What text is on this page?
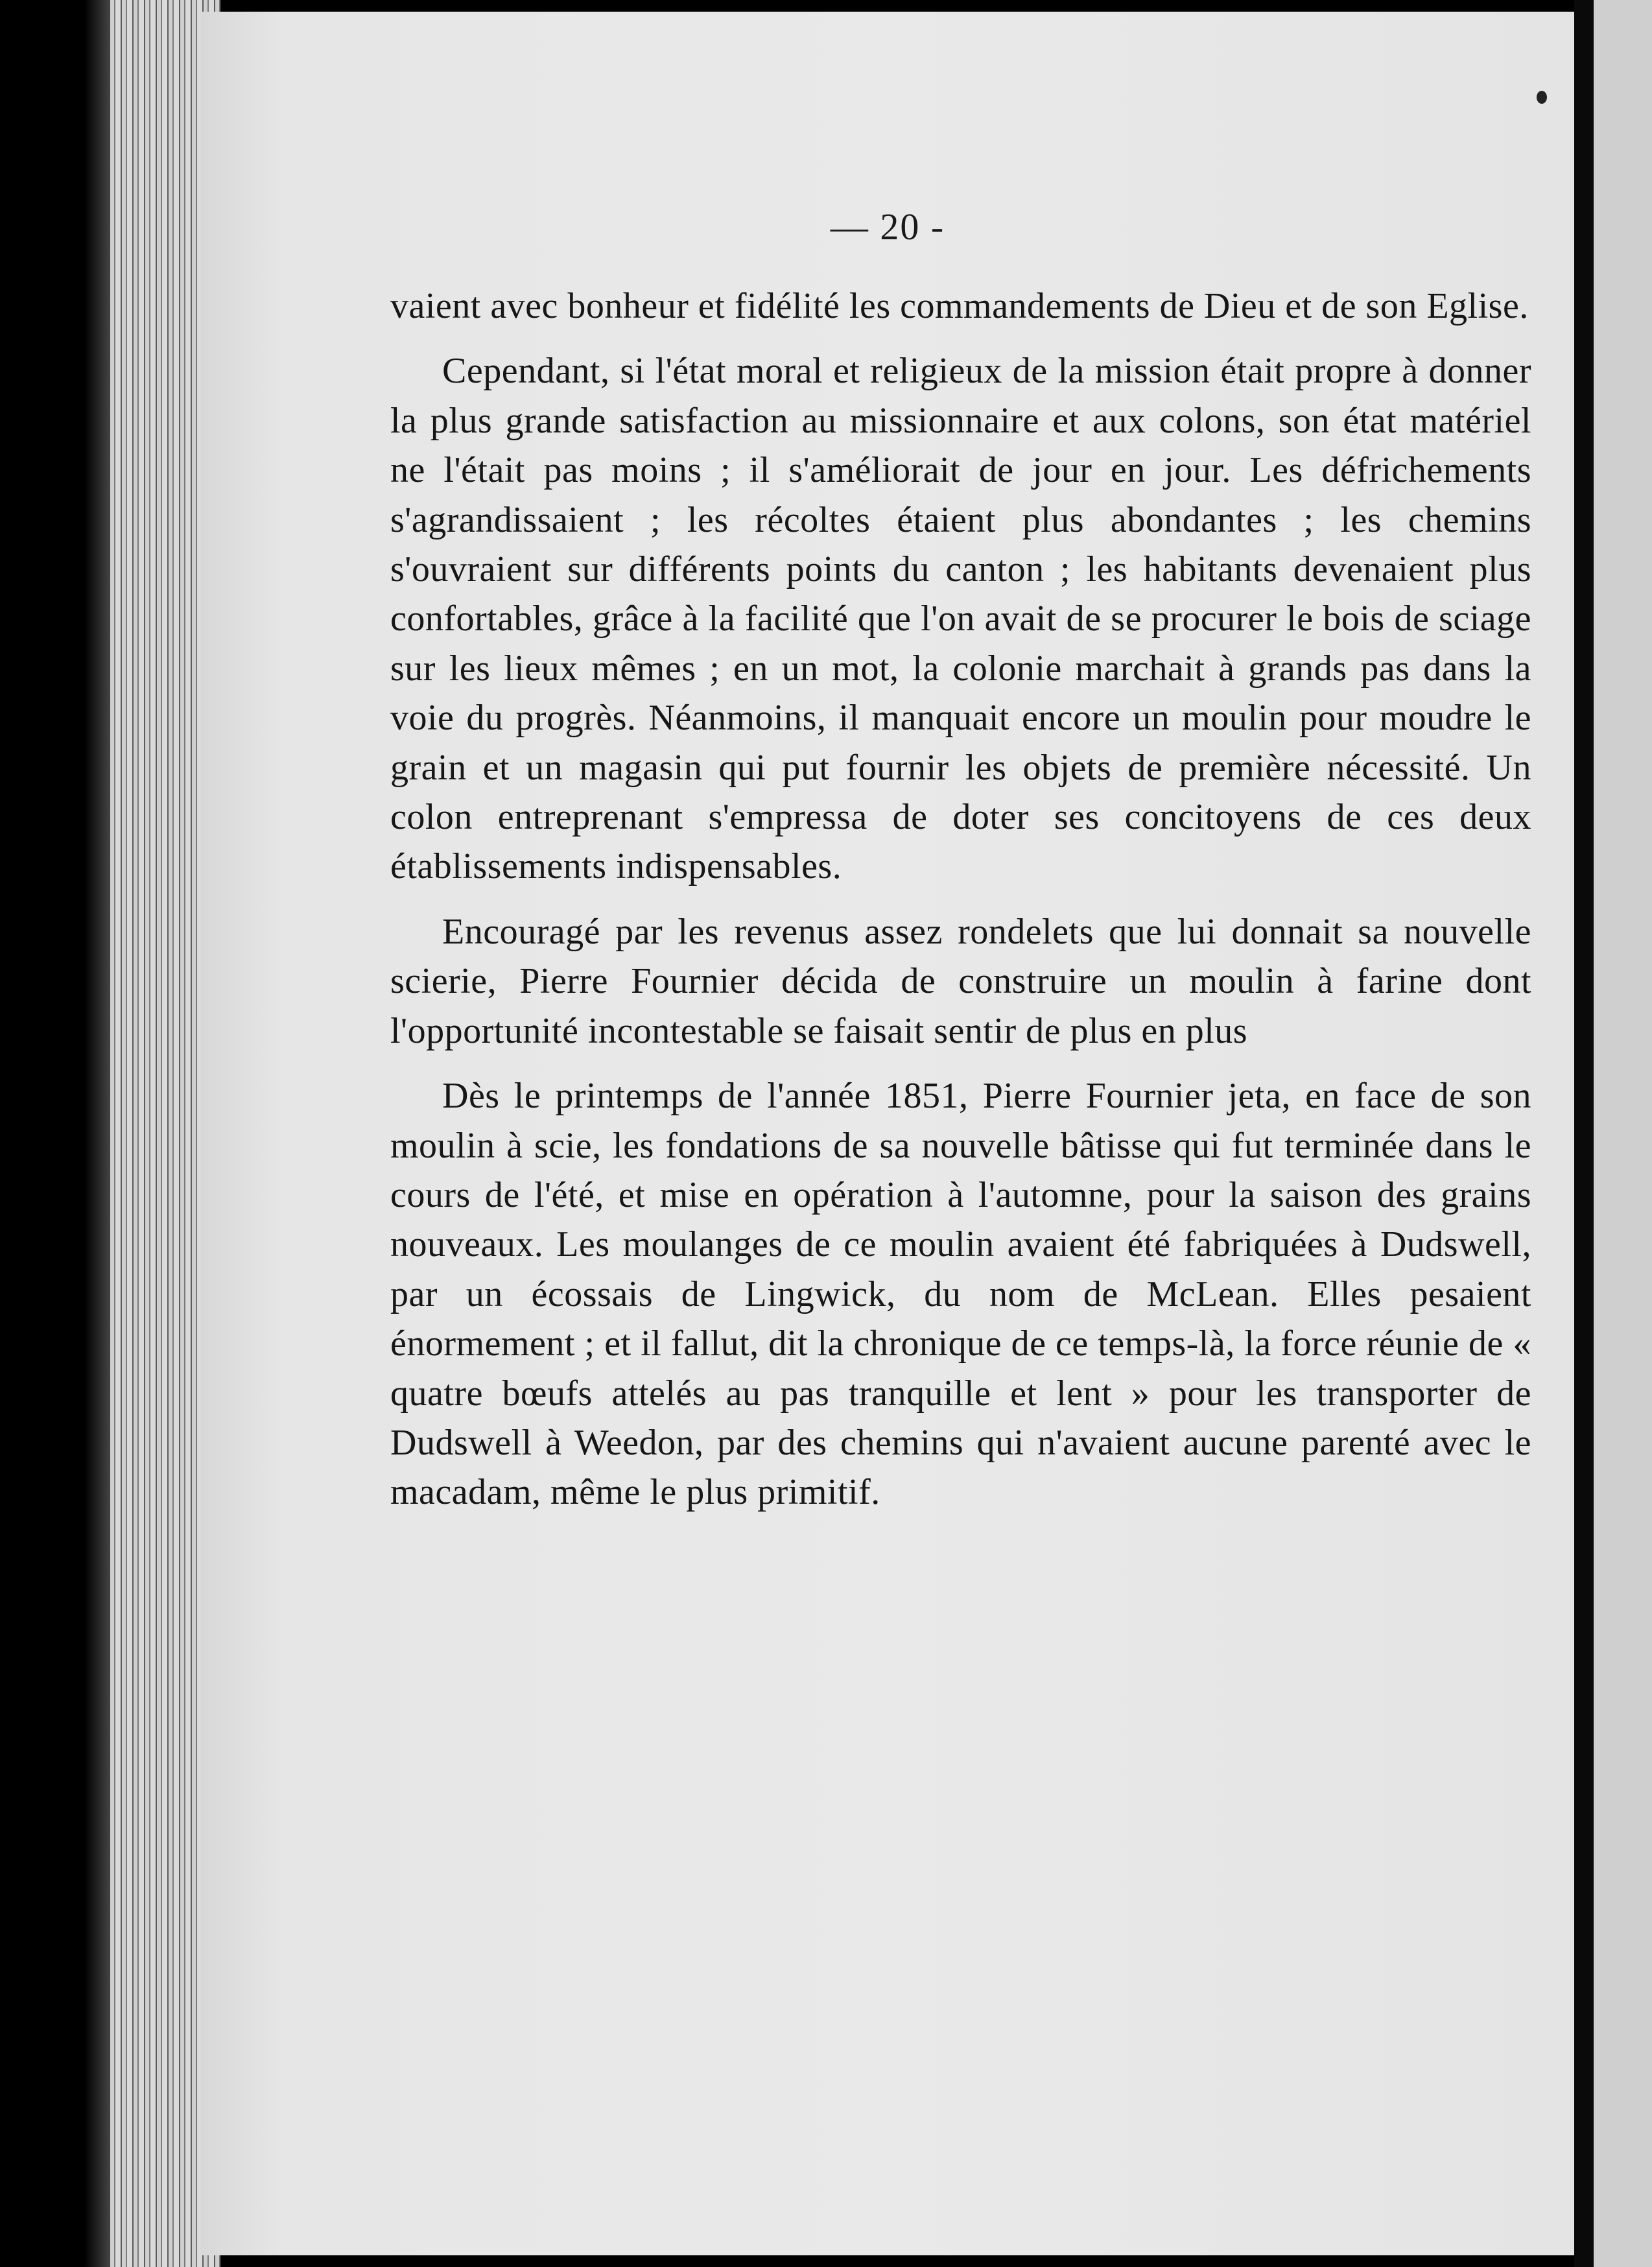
— 20 -

vaient avec bonheur et fidélité les commandements de Dieu et de son Eglise.

Cependant, si l'état moral et religieux de la mission était propre à donner la plus grande satisfaction au missionnaire et aux colons, son état matériel ne l'était pas moins ; il s'améliorait de jour en jour. Les défrichements s'agrandissaient ; les récoltes étaient plus abondantes ; les chemins s'ouvraient sur différents points du canton ; les habitants devenaient plus confortables, grâce à la facilité que l'on avait de se procurer le bois de sciage sur les lieux mêmes ; en un mot, la colonie marchait à grands pas dans la voie du progrès. Néanmoins, il manquait encore un moulin pour moudre le grain et un magasin qui put fournir les objets de première nécessité. Un colon entreprenant s'empressa de doter ses concitoyens de ces deux établissements indispensables.

Encouragé par les revenus assez rondelets que lui donnait sa nouvelle scierie, Pierre Fournier décida de construire un moulin à farine dont l'opportunité incontestable se faisait sentir de plus en plus

Dès le printemps de l'année 1851, Pierre Fournier jeta, en face de son moulin à scie, les fondations de sa nouvelle bâtisse qui fut terminée dans le cours de l'été, et mise en opération à l'automne, pour la saison des grains nouveaux. Les moulanges de ce moulin avaient été fabriquées à Dudswell, par un écossais de Lingwick, du nom de McLean. Elles pesaient énormement ; et il fallut, dit la chronique de ce temps-là, la force réunie de « quatre bœufs attelés au pas tranquille et lent » pour les transporter de Dudswell à Weedon, par des chemins qui n'avaient aucune parenté avec le macadam, même le plus primitif.
